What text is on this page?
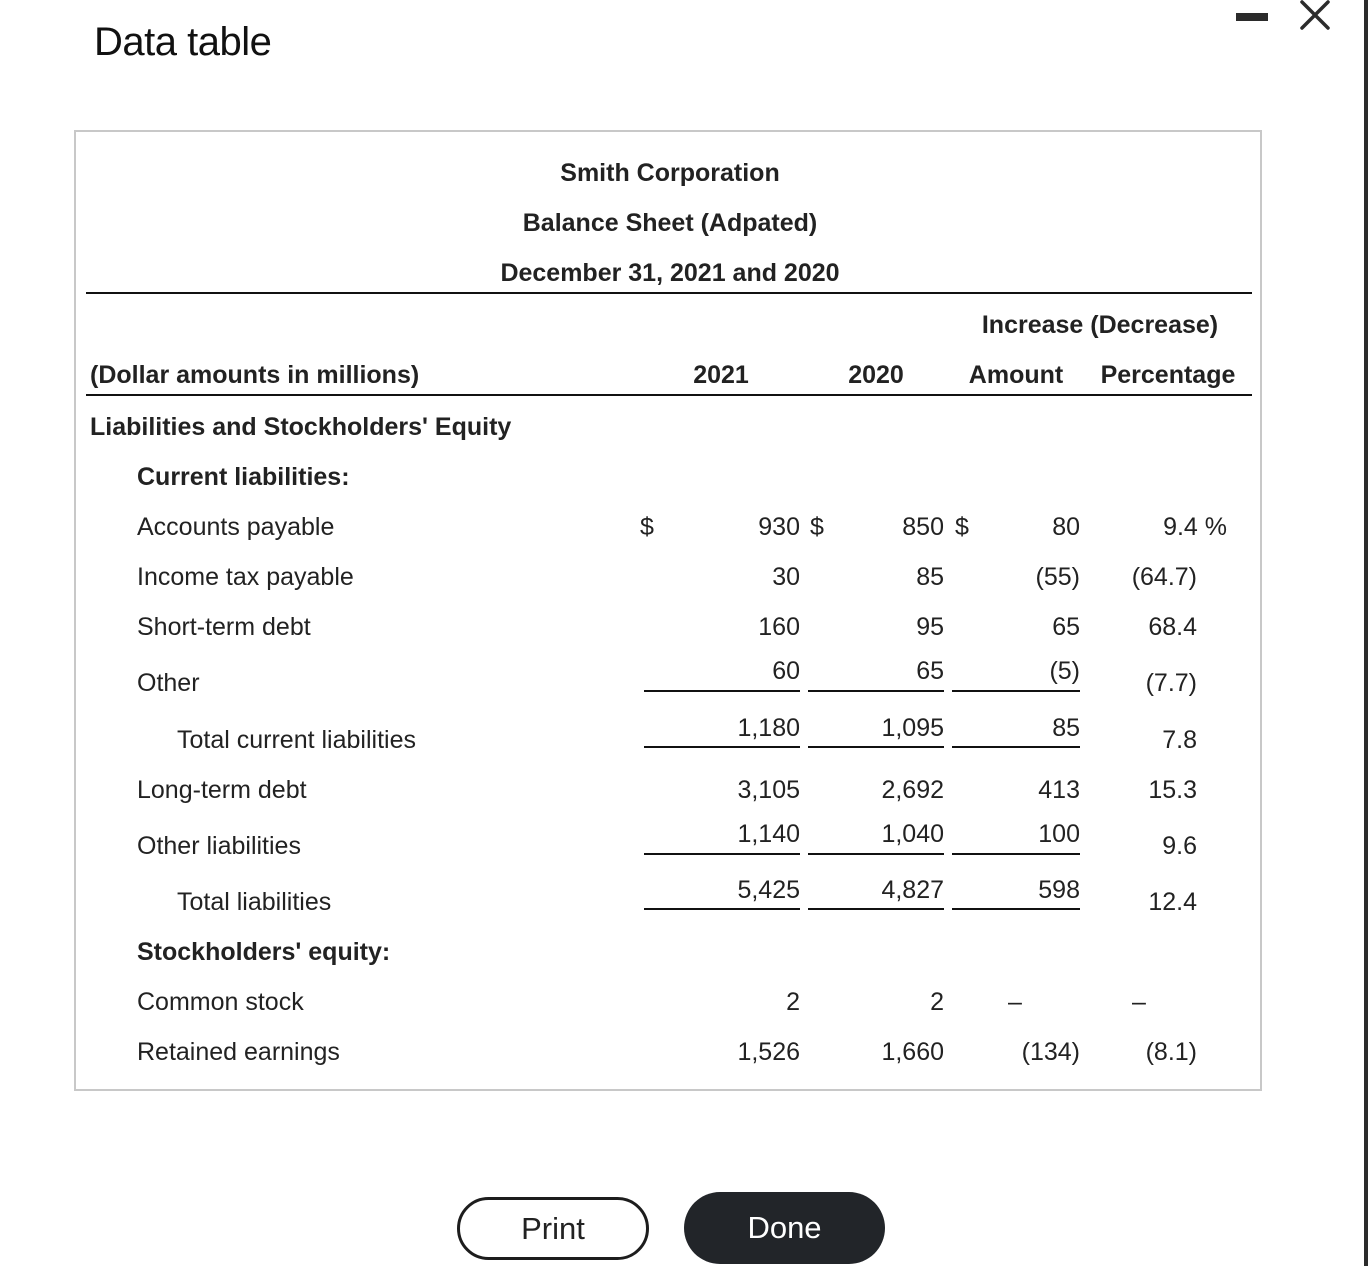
Data table
Smith Corporation
Balance Sheet (Adpated)
December 31, 2021 and 2020
Increase (Decrease)
(Dollar amounts in millions)	2021	2020	Amount	Percentage
Liabilities and Stockholders' Equity
Current liabilities:
Accounts payable	$	930 $	850 $	80	9.4 %
Income tax payable	30	85	(55)	(64.7)
Short-term debt	160	95	65	68.4
Other	60	65	(5)	(7.7)
Total current liabilities	1,180	1,095	85	7.8
Long-term debt	3,105	2,692	413	15.3
Other liabilities	1,140	1,040	100	9.6
Total liabilities	5,425	4,827	598	12.4
Stockholders' equity:
Common stock	2	2	–	–
Retained earnings	1,526	1,660	(134)	(8.1)
Print	Done
